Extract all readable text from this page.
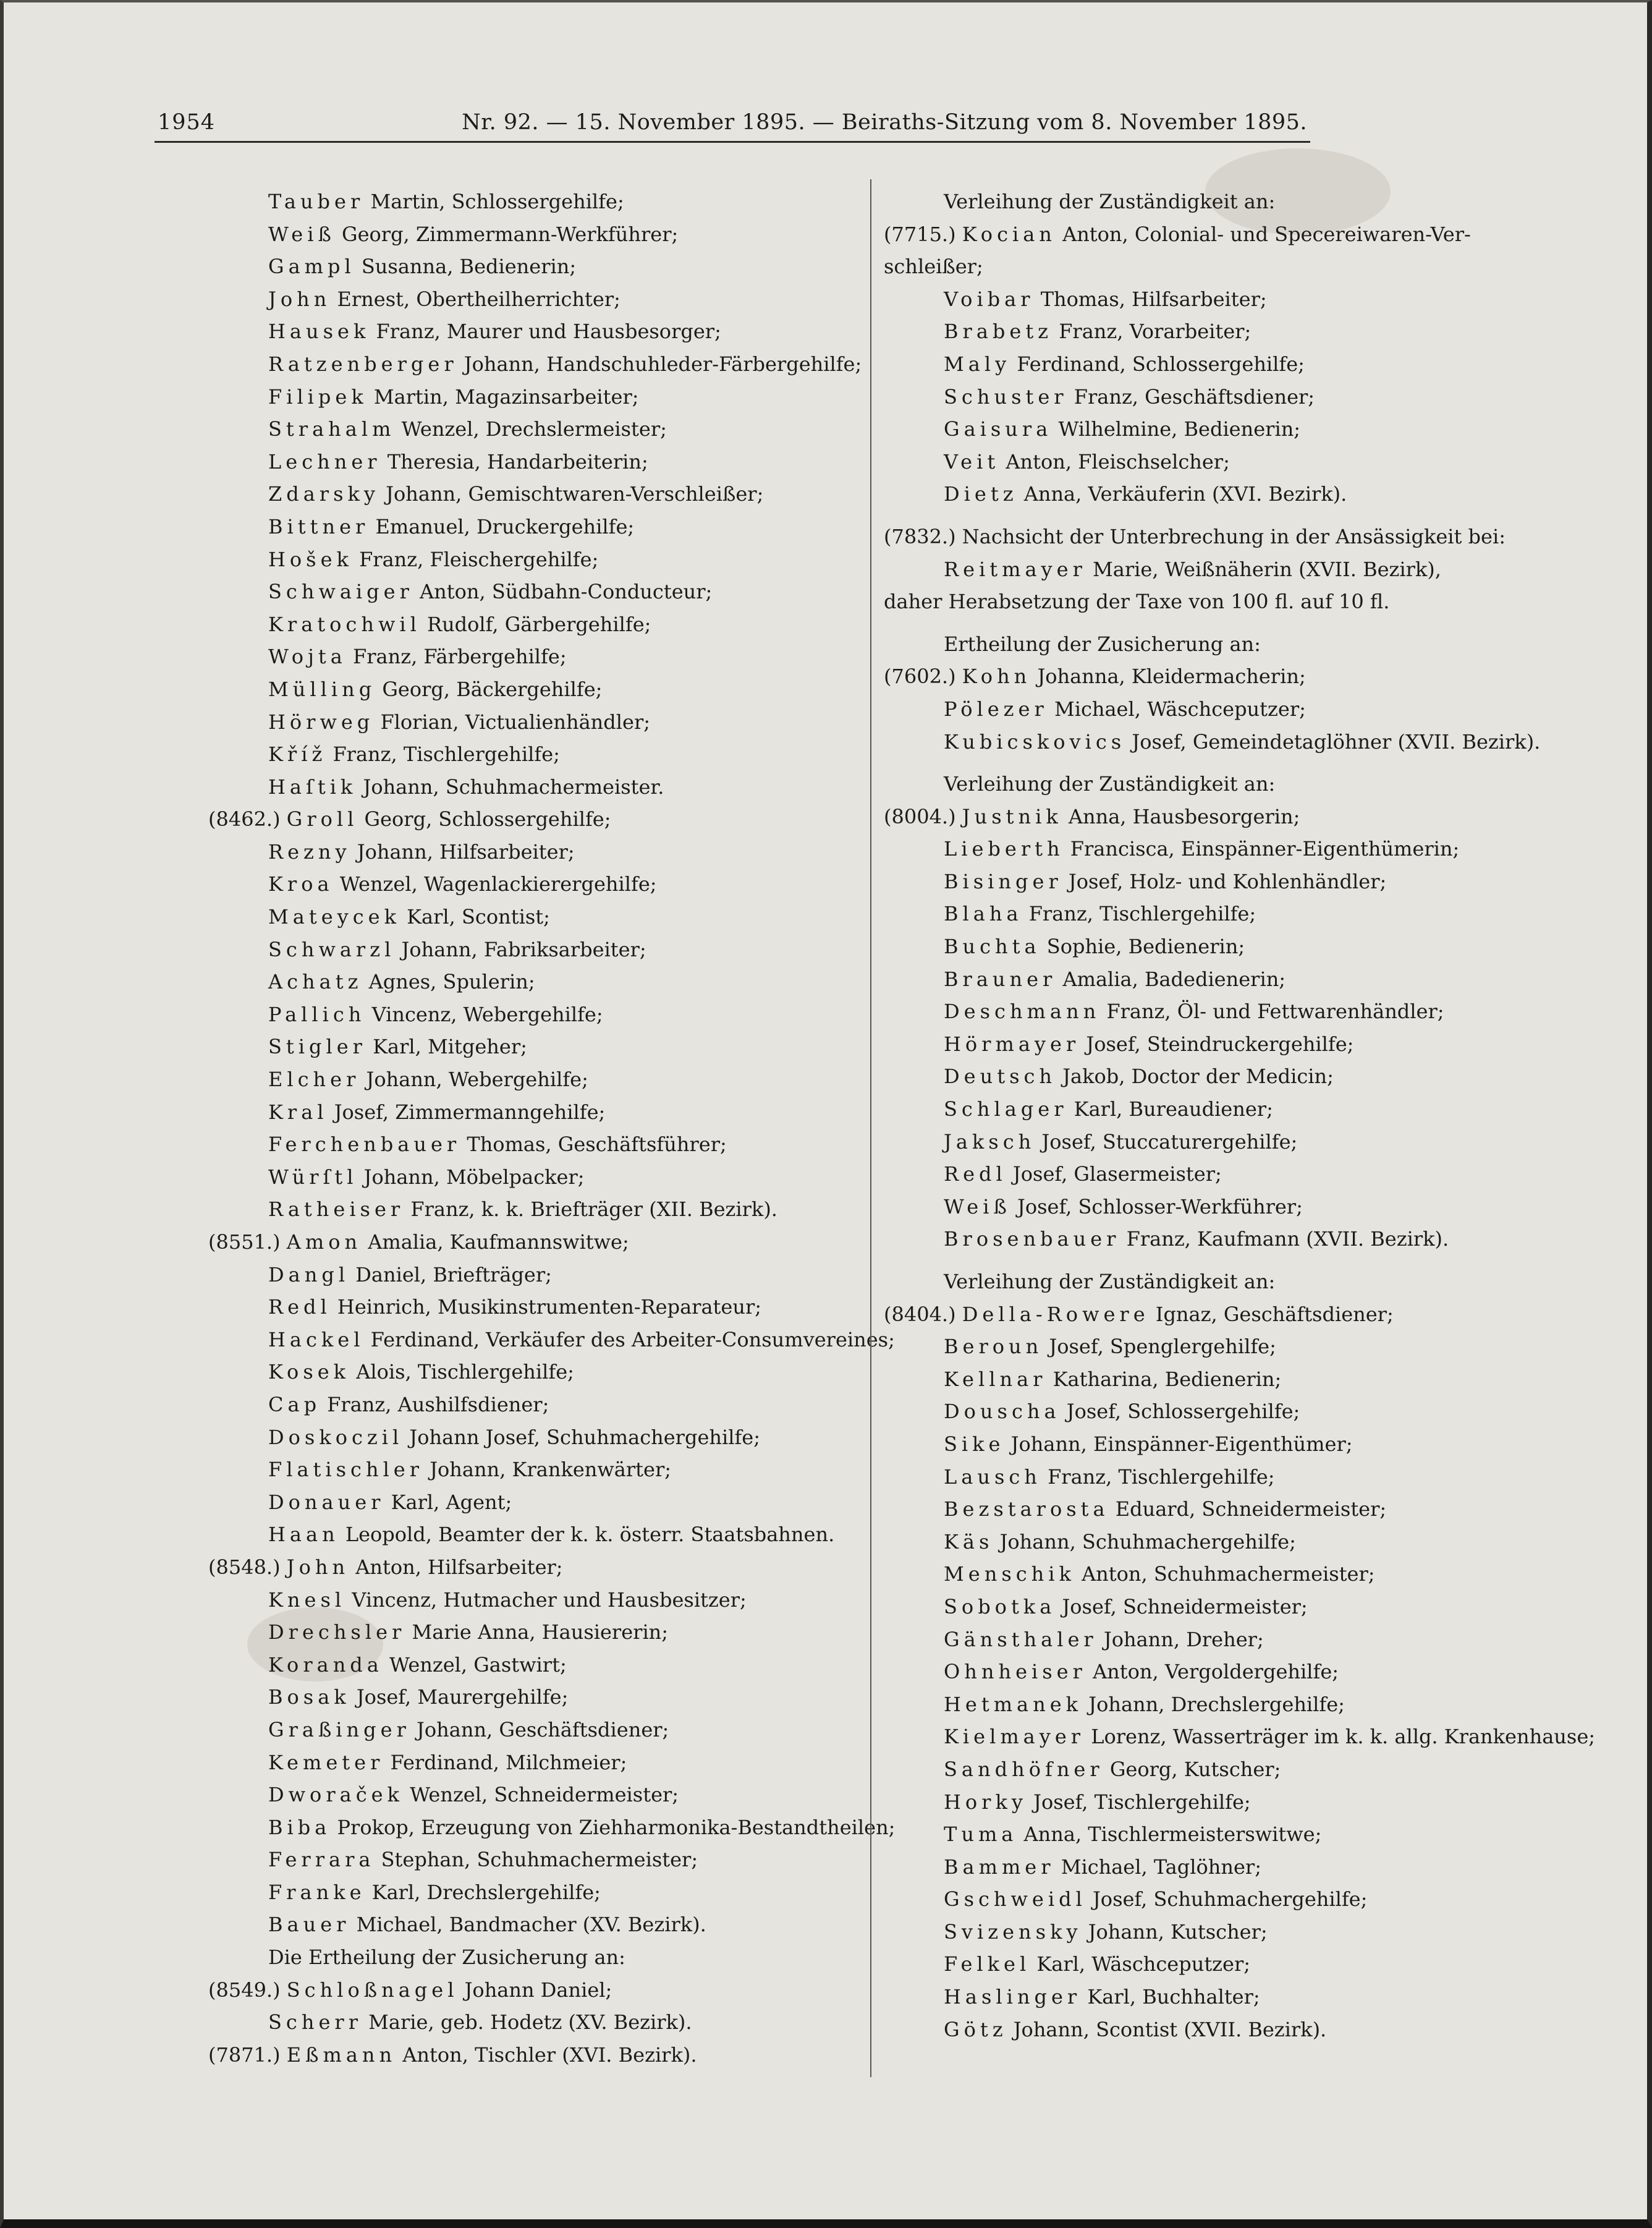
1954	Nr. 92. — 15. November 1895. — Beiraths-Sitzung vom 8. November 1895.
Tauber Martin, Schlossergehilfe;
Weiß Georg, Zimmermann-Werkführer;
Gampl Susanna, Bedienerin;
John Ernest, Obertheilherrichter;
Hausek Franz, Maurer und Hausbesorger;
Ratzenberger Johann, Handschuhleder-Färbergehilfe;
Filipek Martin, Magazinsarbeiter;
Strahalm Wenzel, Drechslermeister;
Lechner Theresia, Handarbeiterin;
Zdarsky Johann, Gemischtwaren-Verschleißer;
Bittner Emanuel, Druckergehilfe;
Hošek Franz, Fleischergehilfe;
Schwaiger Anton, Südbahn-Conducteur;
Kratochwil Rudolf, Gärbergehilfe;
Wojta Franz, Färbergehilfe;
Mülling Georg, Bäckergehilfe;
Hörweg Florian, Victualienhändler;
Kříž Franz, Tischlergehilfe;
Haſtik Johann, Schuhmachermeister.
(8462.) Groll Georg, Schlossergehilfe;
Rezny Johann, Hilfsarbeiter;
Kroa Wenzel, Wagenlackierergehilfe;
Mateycek Karl, Scontist;
Schwarzl Johann, Fabriksarbeiter;
Achatz Agnes, Spulerin;
Pallich Vincenz, Webergehilfe;
Stigler Karl, Mitgeher;
Elcher Johann, Webergehilfe;
Kral Josef, Zimmermanngehilfe;
Ferchenbauer Thomas, Geschäftsführer;
Würſtl Johann, Möbelpacker;
Ratheiser Franz, k. k. Briefträger (XII. Bezirk).
(8551.) Amon Amalia, Kaufmannswitwe;
Dangl Daniel, Briefträger;
Redl Heinrich, Musikinstrumenten-Reparateur;
Hackel Ferdinand, Verkäufer des Arbeiter-Consumvereines;
Kosek Alois, Tischlergehilfe;
Cap Franz, Aushilfsdiener;
Doskoczil Johann Josef, Schuhmachergehilfe;
Flatischler Johann, Krankenwärter;
Donauer Karl, Agent;
Haan Leopold, Beamter der k. k. österr. Staatsbahnen.
(8548.) John Anton, Hilfsarbeiter;
Knesl Vincenz, Hutmacher und Hausbesitzer;
Drechsler Marie Anna, Hausiererin;
Koranda Wenzel, Gastwirt;
Bosak Josef, Maurergehilfe;
Graßinger Johann, Geschäftsdiener;
Kemeter Ferdinand, Milchmeier;
Dworaček Wenzel, Schneidermeister;
Biba Prokop, Erzeugung von Ziehharmonika-Bestandtheilen;
Ferrara Stephan, Schuhmachermeister;
Franke Karl, Drechslergehilfe;
Bauer Michael, Bandmacher (XV. Bezirk).
Die Ertheilung der Zusicherung an:
(8549.) Schloßnagel Johann Daniel;
Scherr Marie, geb. Hodetz (XV. Bezirk).
(7871.) Eßmann Anton, Tischler (XVI. Bezirk).
Verleihung der Zuständigkeit an:
(7715.) Kocian Anton, Colonial- und Specereiwaren-Ver-
schleißer;
Voibar Thomas, Hilfsarbeiter;
Brabetz Franz, Vorarbeiter;
Maly Ferdinand, Schlossergehilfe;
Schuster Franz, Geschäftsdiener;
Gaisura Wilhelmine, Bedienerin;
Veit Anton, Fleischselcher;
Dietz Anna, Verkäuferin (XVI. Bezirk).
(7832.) Nachsicht der Unterbrechung in der Ansässigkeit bei:
Reitmayer Marie, Weißnäherin (XVII. Bezirk),
daher Herabsetzung der Taxe von 100 fl. auf 10 fl.
Ertheilung der Zusicherung an:
(7602.) Kohn Johanna, Kleidermacherin;
Pölezer Michael, Wäschceputzer;
Kubicskovics Josef, Gemeindetaglöhner (XVII. Bezirk).
Verleihung der Zuständigkeit an:
(8004.) Justnik Anna, Hausbesorgerin;
Lieberth Francisca, Einspänner-Eigenthümerin;
Bisinger Josef, Holz- und Kohlenhändler;
Blaha Franz, Tischlergehilfe;
Buchta Sophie, Bedienerin;
Brauner Amalia, Badedienerin;
Deschmann Franz, Öl- und Fettwarenhändler;
Hörmayer Josef, Steindruckergehilfe;
Deutsch Jakob, Doctor der Medicin;
Schlager Karl, Bureaudiener;
Jaksch Josef, Stuccaturergehilfe;
Redl Josef, Glasermeister;
Weiß Josef, Schlosser-Werkführer;
Brosenbauer Franz, Kaufmann (XVII. Bezirk).
Verleihung der Zuständigkeit an:
(8404.) Della-Rowere Ignaz, Geschäftsdiener;
Beroun Josef, Spenglergehilfe;
Kellnar Katharina, Bedienerin;
Douscha Josef, Schlossergehilfe;
Sike Johann, Einspänner-Eigenthümer;
Lausch Franz, Tischlergehilfe;
Bezstarosta Eduard, Schneidermeister;
Käs Johann, Schuhmachergehilfe;
Menschik Anton, Schuhmachermeister;
Sobotka Josef, Schneidermeister;
Gänsthaler Johann, Dreher;
Ohnheiser Anton, Vergoldergehilfe;
Hetmanek Johann, Drechslergehilfe;
Kielmayer Lorenz, Wasserträger im k. k. allg. Krankenhause;
Sandhöfner Georg, Kutscher;
Horky Josef, Tischlergehilfe;
Tuma Anna, Tischlermeisterswitwe;
Bammer Michael, Taglöhner;
Gschweidl Josef, Schuhmachergehilfe;
Svizensky Johann, Kutscher;
Felkel Karl, Wäschceputzer;
Haslinger Karl, Buchhalter;
Götz Johann, Scontist (XVII. Bezirk).
